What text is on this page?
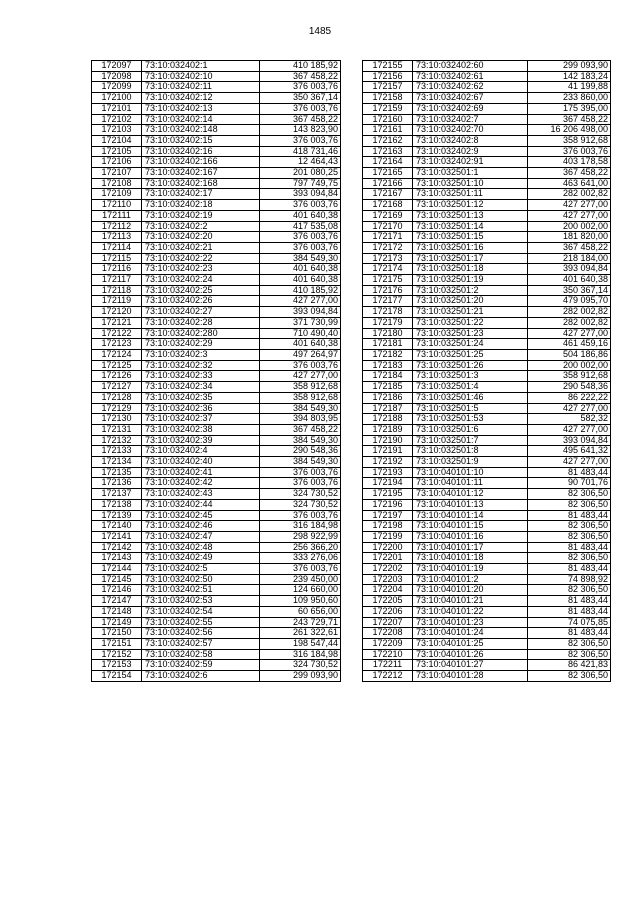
1485
172097	73:10:032402:1	410 185,92
172098	73:10:032402:10	367 458,22
172099	73:10:032402:11	376 003,76
172100	73:10:032402:12	350 367,14
172101	73:10:032402:13	376 003,76
172102	73:10:032402:14	367 458,22
172103	73:10:032402:148	143 823,90
172104	73:10:032402:15	376 003,76
172105	73:10:032402:16	418 731,46
172106	73:10:032402:166	12 464,43
172107	73:10:032402:167	201 080,25
172108	73:10:032402:168	797 749,75
172109	73:10:032402:17	393 094,84
172110	73:10:032402:18	376 003,76
172111	73:10:032402:19	401 640,38
172112	73:10:032402:2	417 535,08
172113	73:10:032402:20	376 003,76
172114	73:10:032402:21	376 003,76
172115	73:10:032402:22	384 549,30
172116	73:10:032402:23	401 640,38
172117	73:10:032402:24	401 640,38
172118	73:10:032402:25	410 185,92
172119	73:10:032402:26	427 277,00
172120	73:10:032402:27	393 094,84
172121	73:10:032402:28	371 730,99
172122	73:10:032402:280	710 490,40
172123	73:10:032402:29	401 640,38
172124	73:10:032402:3	497 264,97
172125	73:10:032402:32	376 003,76
172126	73:10:032402:33	427 277,00
172127	73:10:032402:34	358 912,68
172128	73:10:032402:35	358 912,68
172129	73:10:032402:36	384 549,30
172130	73:10:032402:37	394 803,95
172131	73:10:032402:38	367 458,22
172132	73:10:032402:39	384 549,30
172133	73:10:032402:4	290 548,36
172134	73:10:032402:40	384 549,30
172135	73:10:032402:41	376 003,76
172136	73:10:032402:42	376 003,76
172137	73:10:032402:43	324 730,52
172138	73:10:032402:44	324 730,52
172139	73:10:032402:45	376 003,76
172140	73:10:032402:46	316 184,98
172141	73:10:032402:47	298 922,99
172142	73:10:032402:48	256 366,20
172143	73:10:032402:49	333 276,06
172144	73:10:032402:5	376 003,76
172145	73:10:032402:50	239 450,00
172146	73:10:032402:51	124 660,00
172147	73:10:032402:53	109 950,60
172148	73:10:032402:54	60 656,00
172149	73:10:032402:55	243 729,71
172150	73:10:032402:56	261 322,61
172151	73:10:032402:57	198 547,44
172152	73:10:032402:58	316 184,98
172153	73:10:032402:59	324 730,52
172154	73:10:032402:6	299 093,90
172155	73:10:032402:60	299 093,90
172156	73:10:032402:61	142 183,24
172157	73:10:032402:62	41 199,88
172158	73:10:032402:67	233 860,00
172159	73:10:032402:69	175 395,00
172160	73:10:032402:7	367 458,22
172161	73:10:032402:70	16 206 498,00
172162	73:10:032402:8	358 912,68
172163	73:10:032402:9	376 003,76
172164	73:10:032402:91	403 178,58
172165	73:10:032501:1	367 458,22
172166	73:10:032501:10	463 641,00
172167	73:10:032501:11	282 002,82
172168	73:10:032501:12	427 277,00
172169	73:10:032501:13	427 277,00
172170	73:10:032501:14	200 002,00
172171	73:10:032501:15	181 820,00
172172	73:10:032501:16	367 458,22
172173	73:10:032501:17	218 184,00
172174	73:10:032501:18	393 094,84
172175	73:10:032501:19	401 640,38
172176	73:10:032501:2	350 367,14
172177	73:10:032501:20	479 095,70
172178	73:10:032501:21	282 002,82
172179	73:10:032501:22	282 002,82
172180	73:10:032501:23	427 277,00
172181	73:10:032501:24	461 459,16
172182	73:10:032501:25	504 186,86
172183	73:10:032501:26	200 002,00
172184	73:10:032501:3	358 912,68
172185	73:10:032501:4	290 548,36
172186	73:10:032501:46	86 222,22
172187	73:10:032501:5	427 277,00
172188	73:10:032501:53	582,32
172189	73:10:032501:6	427 277,00
172190	73:10:032501:7	393 094,84
172191	73:10:032501:8	495 641,32
172192	73:10:032501:9	427 277,00
172193	73:10:040101:10	81 483,44
172194	73:10:040101:11	90 701,76
172195	73:10:040101:12	82 306,50
172196	73:10:040101:13	82 306,50
172197	73:10:040101:14	81 483,44
172198	73:10:040101:15	82 306,50
172199	73:10:040101:16	82 306,50
172200	73:10:040101:17	81 483,44
172201	73:10:040101:18	82 306,50
172202	73:10:040101:19	81 483,44
172203	73:10:040101:2	74 898,92
172204	73:10:040101:20	82 306,50
172205	73:10:040101:21	81 483,44
172206	73:10:040101:22	81 483,44
172207	73:10:040101:23	74 075,85
172208	73:10:040101:24	81 483,44
172209	73:10:040101:25	82 306,50
172210	73:10:040101:26	82 306,50
172211	73:10:040101:27	86 421,83
172212	73:10:040101:28	82 306,50
